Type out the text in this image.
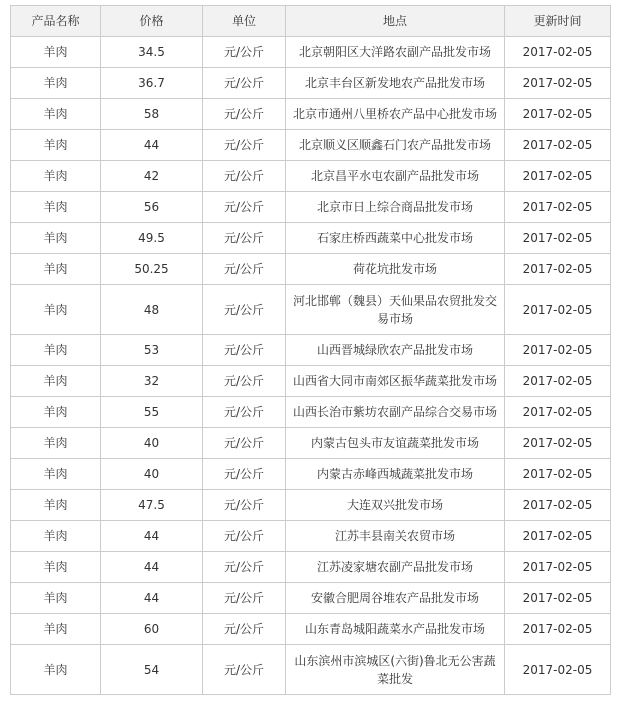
产品名称	价格	单位	地点	更新时间
羊肉	34.5	元/公斤	北京朝阳区大洋路农副产品批发市场	2017-02-05
羊肉	36.7	元/公斤	北京丰台区新发地农产品批发市场	2017-02-05
羊肉	58	元/公斤	北京市通州八里桥农产品中心批发市场	2017-02-05
羊肉	44	元/公斤	北京顺义区顺鑫石门农产品批发市场	2017-02-05
羊肉	42	元/公斤	北京昌平水屯农副产品批发市场	2017-02-05
羊肉	56	元/公斤	北京市日上综合商品批发市场	2017-02-05
羊肉	49.5	元/公斤	石家庄桥西蔬菜中心批发市场	2017-02-05
羊肉	50.25	元/公斤	荷花坑批发市场	2017-02-05
羊肉	48	元/公斤	河北邯郸（魏县）天仙果品农贸批发交易市场	2017-02-05
羊肉	53	元/公斤	山西晋城绿欣农产品批发市场	2017-02-05
羊肉	32	元/公斤	山西省大同市南郊区振华蔬菜批发市场	2017-02-05
羊肉	55	元/公斤	山西长治市紫坊农副产品综合交易市场	2017-02-05
羊肉	40	元/公斤	内蒙古包头市友谊蔬菜批发市场	2017-02-05
羊肉	40	元/公斤	内蒙古赤峰西城蔬菜批发市场	2017-02-05
羊肉	47.5	元/公斤	大连双兴批发市场	2017-02-05
羊肉	44	元/公斤	江苏丰县南关农贸市场	2017-02-05
羊肉	44	元/公斤	江苏凌家塘农副产品批发市场	2017-02-05
羊肉	44	元/公斤	安徽合肥周谷堆农产品批发市场	2017-02-05
羊肉	60	元/公斤	山东青岛城阳蔬菜水产品批发市场	2017-02-05
羊肉	54	元/公斤	山东滨州市滨城区(六街)鲁北无公害蔬菜批发	2017-02-05
